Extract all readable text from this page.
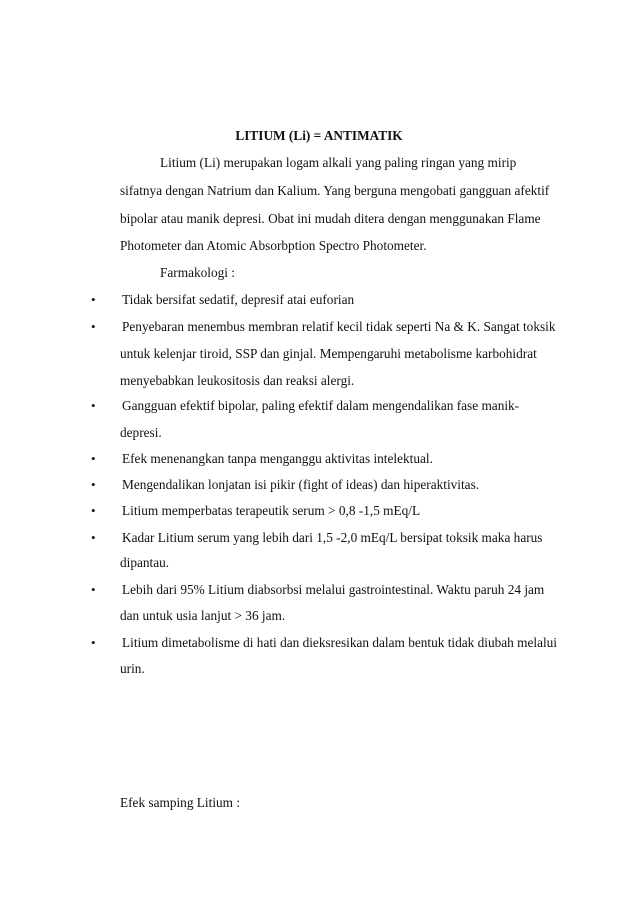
LITIUM (Li) = ANTIMATIK
Litium (Li) merupakan logam alkali yang paling ringan yang mirip
sifatnya dengan Natrium dan Kalium. Yang berguna mengobati gangguan afektif
bipolar atau manik depresi. Obat ini mudah ditera dengan menggunakan Flame
Photometer dan Atomic Absorbption Spectro Photometer.
Farmakologi :
• Tidak bersifat sedatif, depresif atai euforian
• Penyebaran menembus membran relatif kecil tidak seperti Na & K. Sangat toksik
untuk kelenjar tiroid, SSP dan ginjal. Mempengaruhi metabolisme karbohidrat
menyebabkan leukositosis dan reaksi alergi.
• Gangguan efektif bipolar, paling efektif dalam mengendalikan fase manik-
depresi.
• Efek menenangkan tanpa menganggu aktivitas intelektual.
• Mengendalikan lonjatan isi pikir (fight of ideas) dan hiperaktivitas.
• Litium memperbatas terapeutik serum > 0,8 -1,5 mEq/L
• Kadar Litium serum yang lebih dari 1,5 -2,0 mEq/L bersipat toksik maka harus
dipantau.
• Lebih dari 95% Litium diabsorbsi melalui gastrointestinal. Waktu paruh 24 jam
dan untuk usia lanjut > 36 jam.
• Litium dimetabolisme di hati dan dieksresikan dalam bentuk tidak diubah melalui
urin.
Efek samping Litium :
